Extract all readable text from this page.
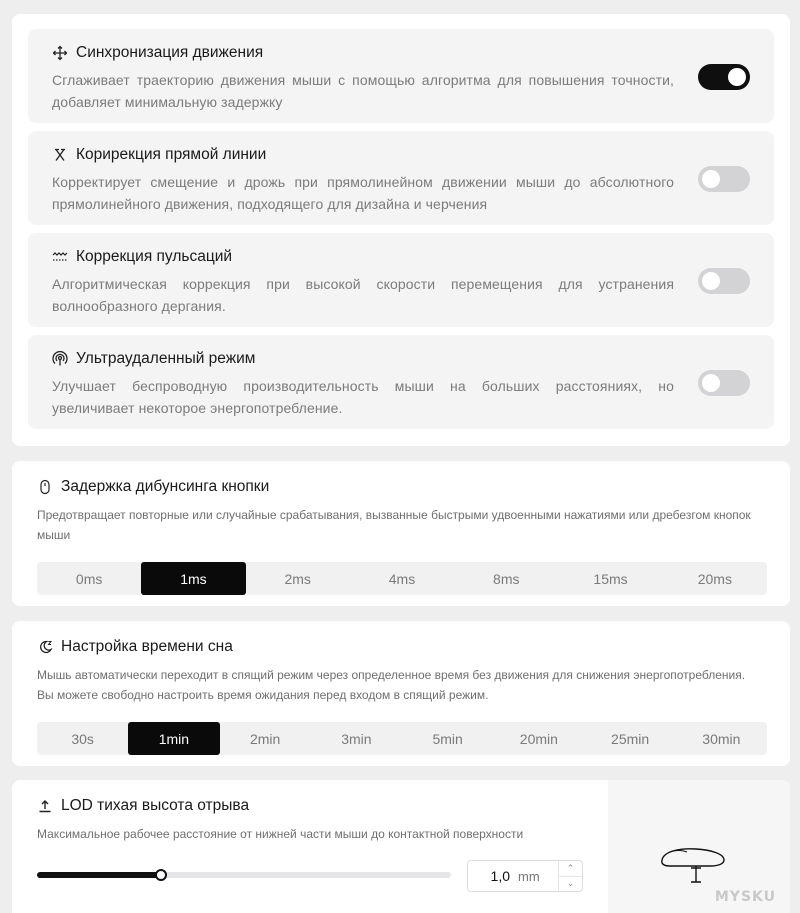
Синхронизация движения
Сглаживает траекторию движения мыши с помощью алгоритма для повышения точности, добавляет минимальную задержку
Корирекция прямой линии
Корректирует смещение и дрожь при прямолинейном движении мыши до абсолютного прямолинейного движения, подходящего для дизайна и черчения
Коррекция пульсаций
Алгоритмическая коррекция при высокой скорости перемещения для устранения волнообразного дергания.
Ультраудаленный режим
Улучшает беспроводную производительность мыши на больших расстояниях, но увеличивает некоторое энергопотребление.
Задержка дибунсинга кнопки
Предотвращает повторные или случайные срабатывания, вызванные быстрыми удвоенными нажатиями или дребезгом кнопок мыши
0ms	1ms	2ms	4ms	8ms	15ms	20ms
Настройка времени сна
Мышь автоматически переходит в спящий режим через определенное время без движения для снижения энергопотребления. Вы можете свободно настроить время ожидания перед входом в спящий режим.
30s	1min	2min	3min	5min	20min	25min	30min
LOD тихая высота отрыва
Максимальное рабочее расстояние от нижней части мыши до контактной поверхности
1,0 mm
⌃
⌄
MYSKU
